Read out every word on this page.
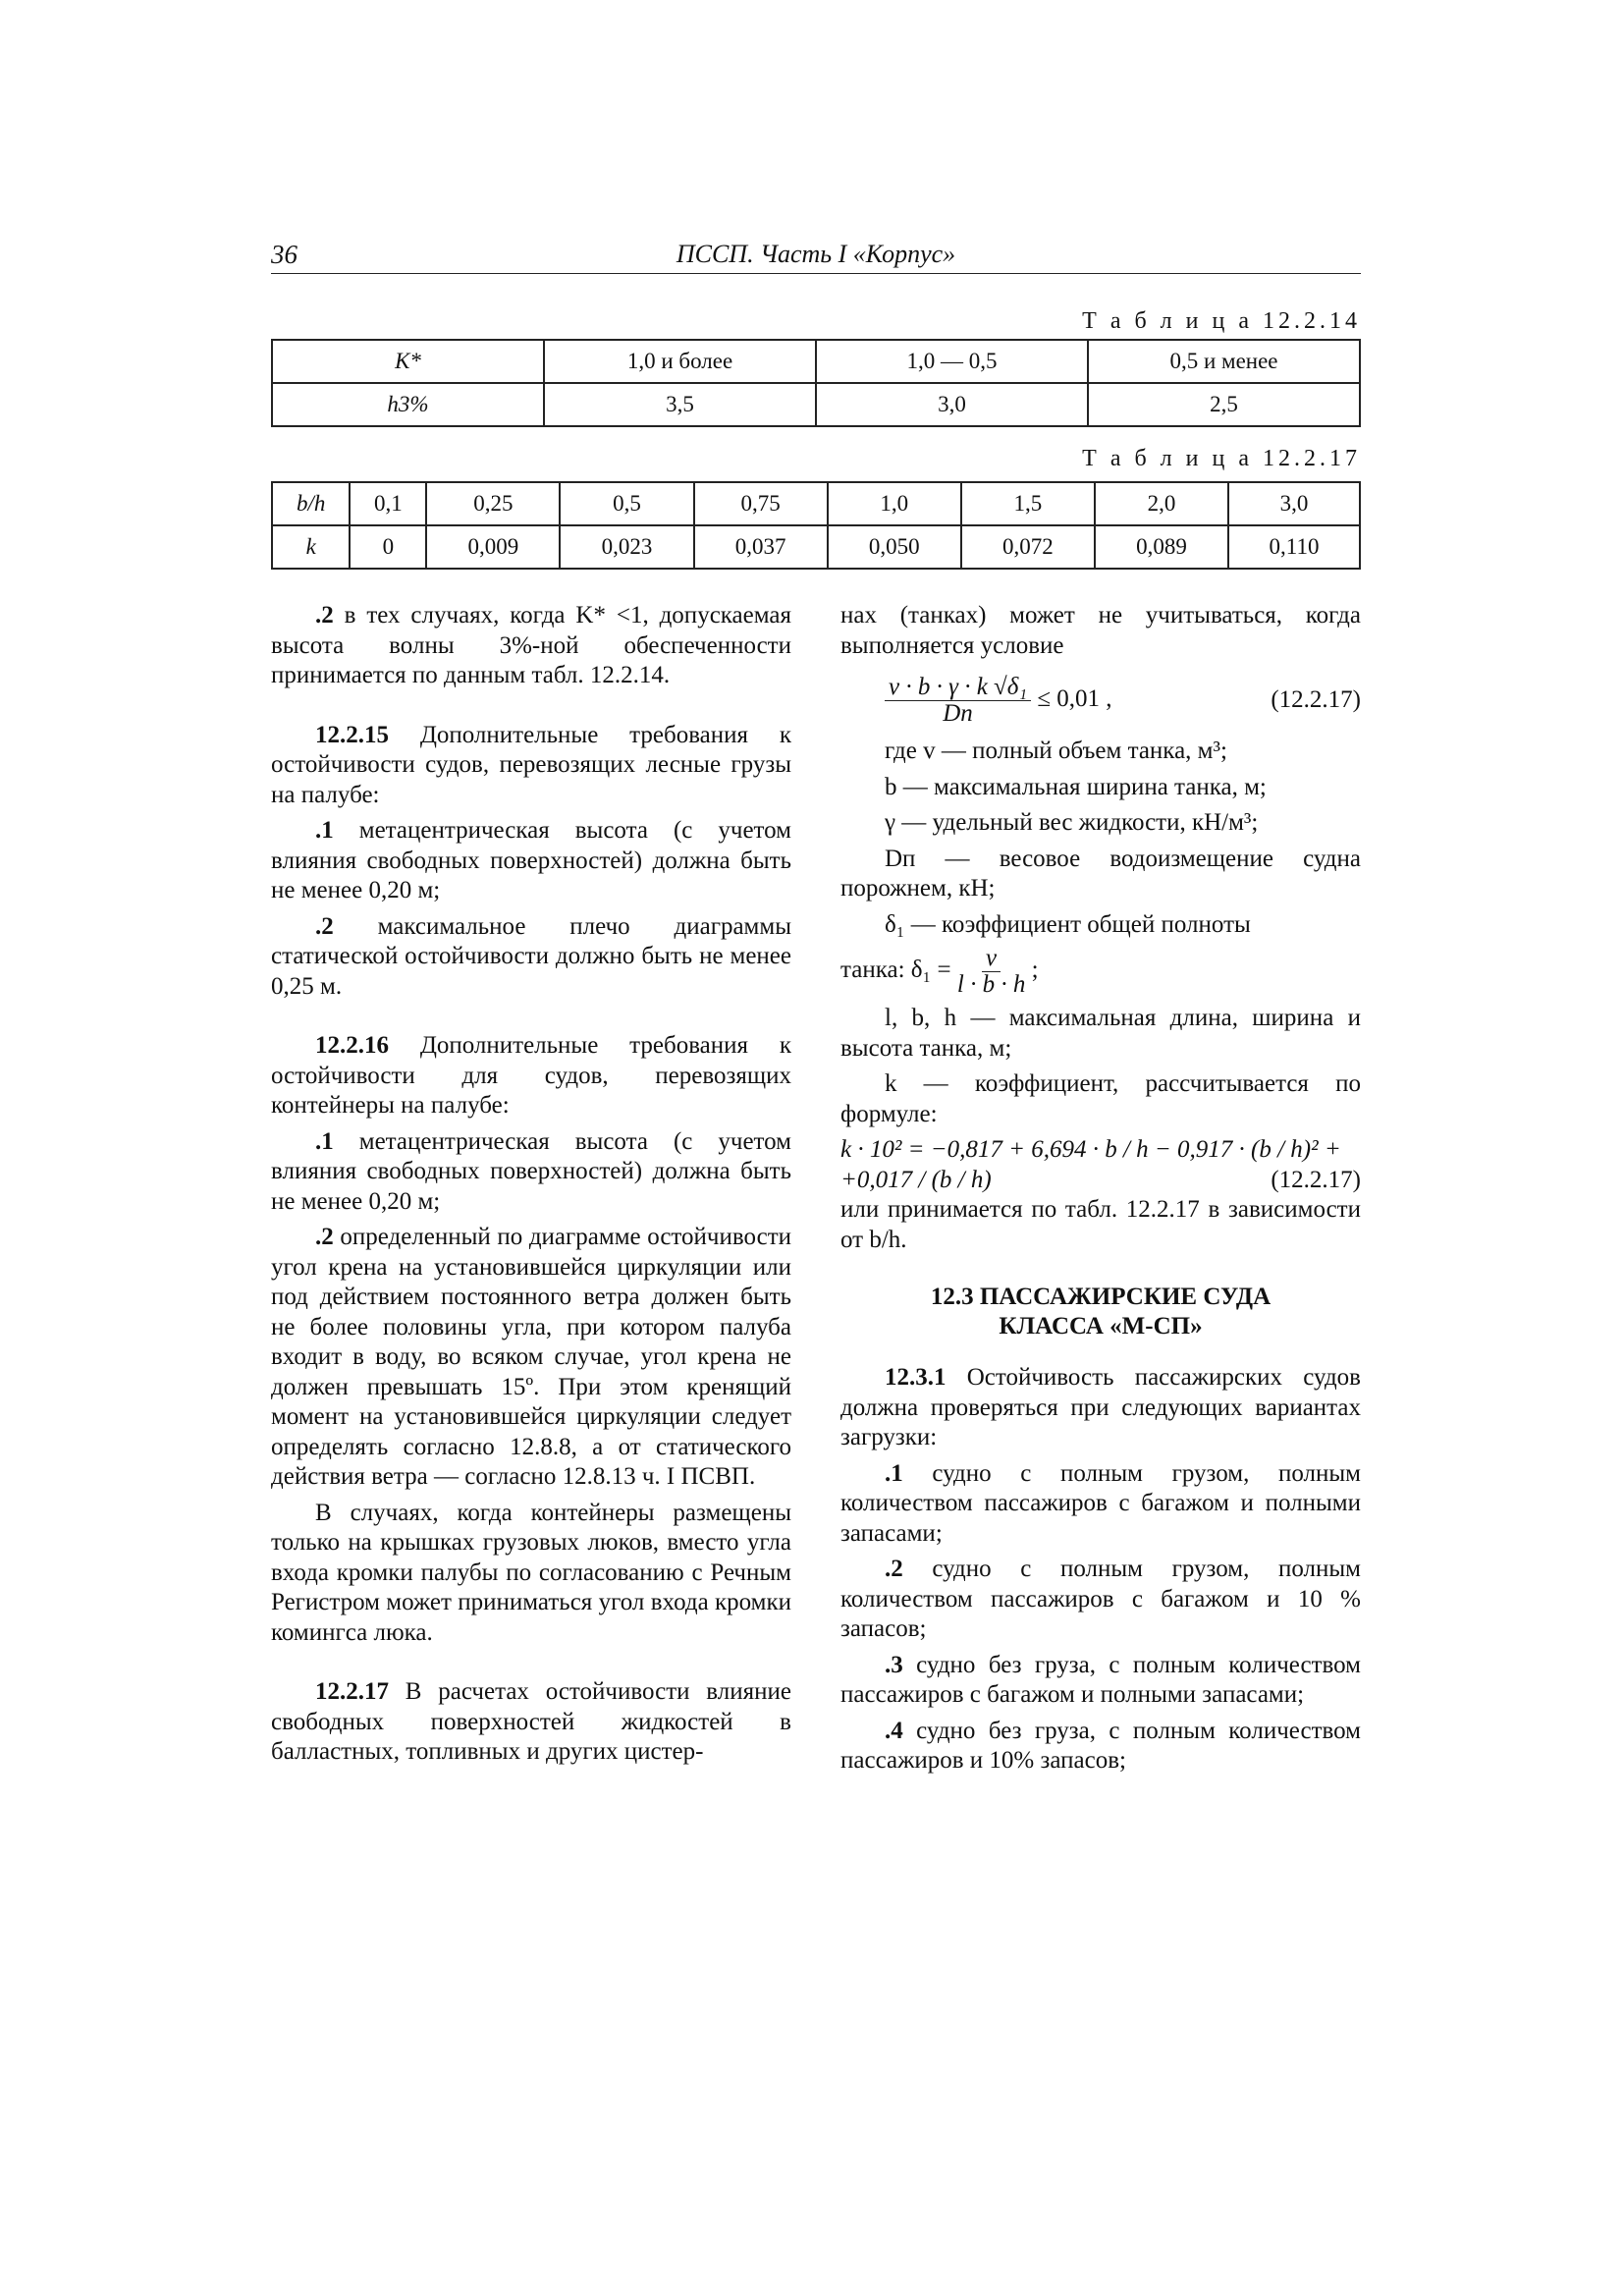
36	ПССП. Часть I «Корпус»
Т а б л и ц а 12.2.14
K*	1,0 и более	1,0 — 0,5	0,5 и менее
h3%	3,5	3,0	2,5
Т а б л и ц а 12.2.17
b/h	0,1	0,25	0,5	0,75	1,0	1,5	2,0	3,0
k	0	0,009	0,023	0,037	0,050	0,072	0,089	0,110

.2 в тех случаях, когда K* <1, допускаемая высота волны 3%-ной обеспеченности принимается по данным табл. 12.2.14.

12.2.15 Дополнительные требования к остойчивости судов, перевозящих лесные грузы на палубе:

.1 метацентрическая высота (с учетом влияния свободных поверхностей) должна быть не менее 0,20 м;

.2 максимальное плечо диаграммы статической остойчивости должно быть не менее 0,25 м.

12.2.16 Дополнительные требования к остойчивости для судов, перевозящих контейнеры на палубе:

.1 метацентрическая высота (с учетом влияния свободных поверхностей) должна быть не менее 0,20 м;

.2 определенный по диаграмме остойчивости угол крена на установившейся циркуляции или под действием постоянного ветра должен быть не более половины угла, при котором палуба входит в воду, во всяком случае, угол крена не должен превышать 15º. При этом кренящий момент на установившейся циркуляции следует определять согласно 12.8.8, а от статического действия ветра — согласно 12.8.13 ч. I ПСВП.

В случаях, когда контейнеры размещены только на крышках грузовых люков, вместо угла входа кромки палубы по согласованию с Речным Регистром может приниматься угол входа кромки комингса люка.

12.2.17 В расчетах остойчивости влияние свободных поверхностей жидкостей в балластных, топливных и других цистер-

нах (танках) может не учитываться, когда выполняется условие

$\frac{\text{v · b · γ · k √δ₁}}{Dп} \le 0,01$ ,	(12.2.17)

где v — полный объем танка, м³;

b — максимальная ширина танка, м;

γ — удельный вес жидкости, кН/м³;

Dп — весовое водоизмещение судна порожнем, кН;

δ₁ — коэффициент общей полноты

танка: $\delta_1 = \frac{v}{l \cdot b \cdot h}$ ;

l, b, h — максимальная длина, ширина и высота танка, м;

k — коэффициент, рассчитывается по формуле:

k · 10² = −0,817 + 6,694 · b / h − 0,917 · (b / h)² +

+0,017 / (b / h)	(12.2.17)

или принимается по табл. 12.2.17 в зависимости от b/h.

12.3 ПАССАЖИРСКИЕ СУДА
КЛАССА «М-СП»

12.3.1 Остойчивость пассажирских судов должна проверяться при следующих вариантах загрузки:

.1 судно с полным грузом, полным количеством пассажиров с багажом и полными запасами;

.2 судно с полным грузом, полным количеством пассажиров с багажом и 10 % запасов;

.3 судно без груза, с полным количеством пассажиров с багажом и полными запасами;

.4 судно без груза, с полным количеством пассажиров и 10% запасов;
